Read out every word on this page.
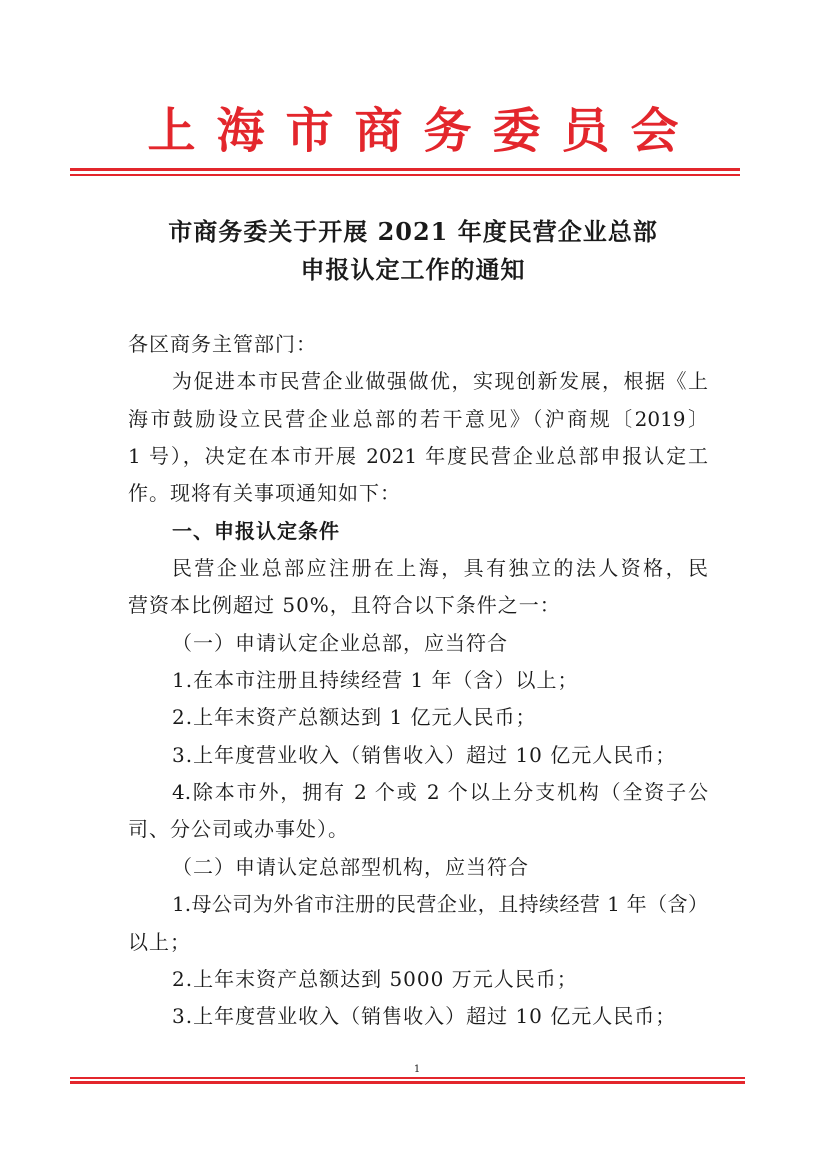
上海市商务委员会
市商务委关于开展 2021 年度民营企业总部
申报认定工作的通知
各区商务主管部门：
为促进本市民营企业做强做优，实现创新发展，根据《上
海市鼓励设立民营企业总部的若干意见》（沪商规〔2019〕
1 号），决定在本市开展 2021 年度民营企业总部申报认定工
作。现将有关事项通知如下：
一、申报认定条件
民营企业总部应注册在上海，具有独立的法人资格，民
营资本比例超过 50%，且符合以下条件之一：
（一）申请认定企业总部，应当符合
1.在本市注册且持续经营 1 年（含）以上；
2.上年末资产总额达到 1 亿元人民币；
3.上年度营业收入（销售收入）超过 10 亿元人民币；
4.除本市外，拥有 2 个或 2 个以上分支机构（全资子公
司、分公司或办事处）。
（二）申请认定总部型机构，应当符合
1.母公司为外省市注册的民营企业，且持续经营 1 年（含）
以上；
2.上年末资产总额达到 5000 万元人民币；
3.上年度营业收入（销售收入）超过 10 亿元人民币；
1
